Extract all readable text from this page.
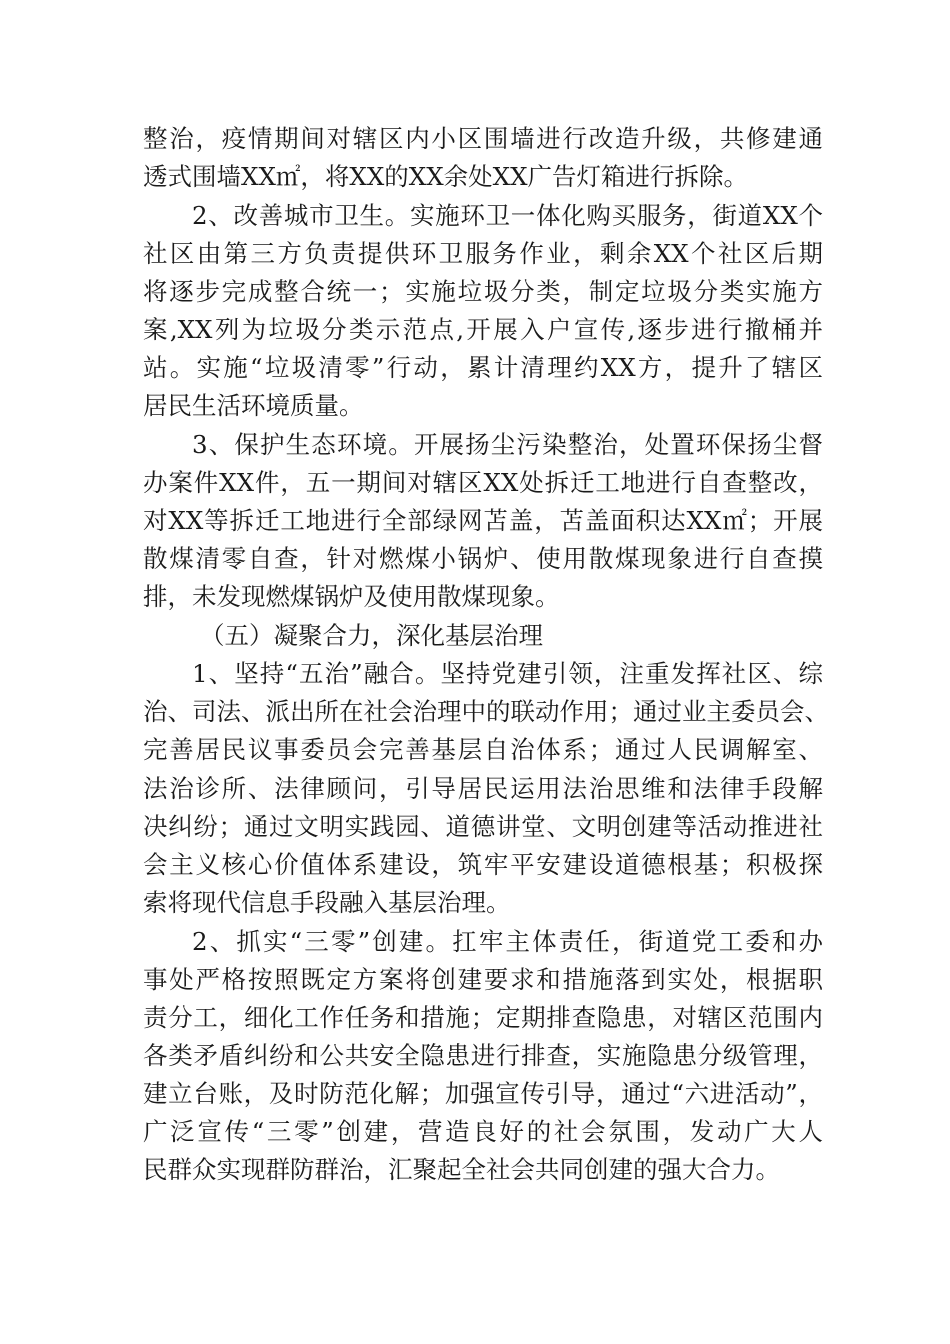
整治，疫情期间对辖区内小区围墙进行改造升级，共修建通
透式围墙XX㎡，将XX的XX余处XX广告灯箱进行拆除。
2、改善城市卫生。实施环卫一体化购买服务，街道XX个
社区由第三方负责提供环卫服务作业，剩余XX个社区后期
将逐步完成整合统一；实施垃圾分类，制定垃圾分类实施方
案,XX列为垃圾分类示范点,开展入户宣传,逐步进行撤桶并
站。实施“垃圾清零”行动，累计清理约XX方，提升了辖区
居民生活环境质量。
3、保护生态环境。开展扬尘污染整治，处置环保扬尘督
办案件XX件，五一期间对辖区XX处拆迁工地进行自查整改，
对XX等拆迁工地进行全部绿网苫盖，苫盖面积达XX㎡；开展
散煤清零自查，针对燃煤小锅炉、使用散煤现象进行自查摸
排，未发现燃煤锅炉及使用散煤现象。
（五）凝聚合力，深化基层治理
1、坚持“五治”融合。坚持党建引领，注重发挥社区、综
治、司法、派出所在社会治理中的联动作用；通过业主委员会、
完善居民议事委员会完善基层自治体系；通过人民调解室、
法治诊所、法律顾问，引导居民运用法治思维和法律手段解
决纠纷；通过文明实践园、道德讲堂、文明创建等活动推进社
会主义核心价值体系建设，筑牢平安建设道德根基；积极探
索将现代信息手段融入基层治理。
2、抓实“三零”创建。扛牢主体责任，街道党工委和办
事处严格按照既定方案将创建要求和措施落到实处，根据职
责分工，细化工作任务和措施；定期排查隐患，对辖区范围内
各类矛盾纠纷和公共安全隐患进行排查，实施隐患分级管理，
建立台账，及时防范化解；加强宣传引导，通过“六进活动”，
广泛宣传“三零”创建，营造良好的社会氛围，发动广大人
民群众实现群防群治，汇聚起全社会共同创建的强大合力。
